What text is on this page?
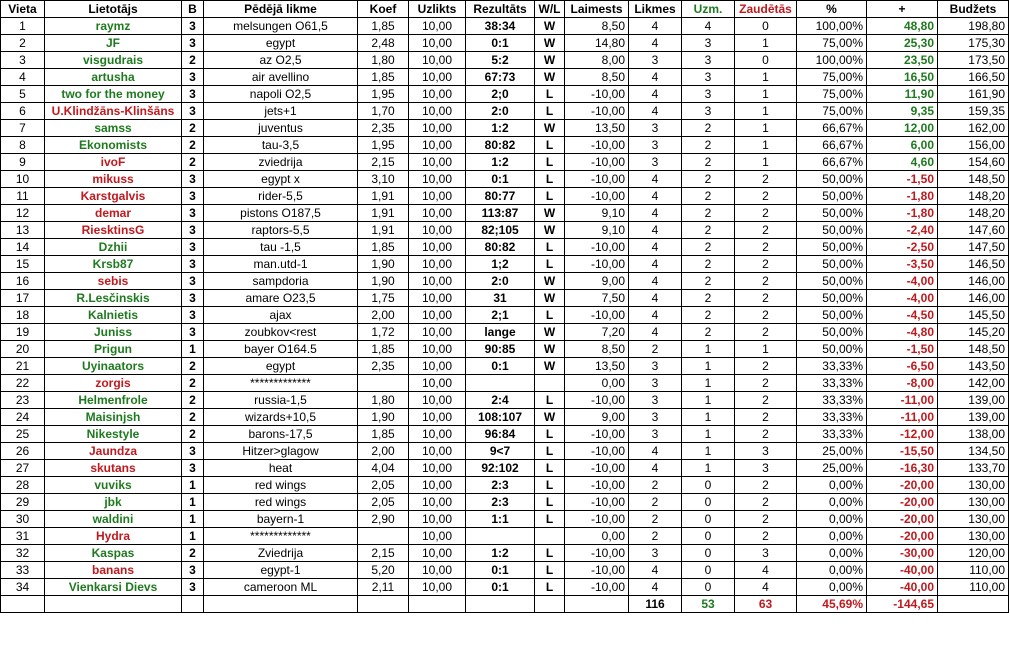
Vieta	Lietotājs	B	Pēdējā likme	Koef	Uzlikts	Rezultāts	W/L	Laimests	Likmes	Uzm.	Zaudētās	%	+	Budžets
1	raymz	3	melsungen O61,5	1,85	10,00	38:34	W	8,50	4	4	0	100,00%	48,80	198,80
2	JF	3	egypt	2,48	10,00	0:1	W	14,80	4	3	1	75,00%	25,30	175,30
3	visgudrais	2	az O2,5	1,80	10,00	5:2	W	8,00	3	3	0	100,00%	23,50	173,50
4	artusha	3	air avellino	1,85	10,00	67:73	W	8,50	4	3	1	75,00%	16,50	166,50
5	two for the money	3	napoli O2,5	1,95	10,00	2;0	L	-10,00	4	3	1	75,00%	11,90	161,90
6	U.Klindžāns-Klinšāns	3	jets+1	1,70	10,00	2:0	L	-10,00	4	3	1	75,00%	9,35	159,35
7	samss	2	juventus	2,35	10,00	1:2	W	13,50	3	2	1	66,67%	12,00	162,00
8	Ekonomists	2	tau-3,5	1,95	10,00	80:82	L	-10,00	3	2	1	66,67%	6,00	156,00
9	ivoF	2	zviedrija	2,15	10,00	1:2	L	-10,00	3	2	1	66,67%	4,60	154,60
10	mikuss	3	egypt x	3,10	10,00	0:1	L	-10,00	4	2	2	50,00%	-1,50	148,50
11	Karstgalvis	3	rider-5,5	1,91	10,00	80:77	L	-10,00	4	2	2	50,00%	-1,80	148,20
12	demar	3	pistons O187,5	1,91	10,00	113:87	W	9,10	4	2	2	50,00%	-1,80	148,20
13	RiesktinsG	3	raptors-5,5	1,91	10,00	82;105	W	9,10	4	2	2	50,00%	-2,40	147,60
14	Dzhii	3	tau -1,5	1,85	10,00	80:82	L	-10,00	4	2	2	50,00%	-2,50	147,50
15	Krsb87	3	man.utd-1	1,90	10,00	1;2	L	-10,00	4	2	2	50,00%	-3,50	146,50
16	sebis	3	sampdoria	1,90	10,00	2:0	W	9,00	4	2	2	50,00%	-4,00	146,00
17	R.Lesčinskis	3	amare O23,5	1,75	10,00	31	W	7,50	4	2	2	50,00%	-4,00	146,00
18	Kalnietis	3	ajax	2,00	10,00	2;1	L	-10,00	4	2	2	50,00%	-4,50	145,50
19	Juniss	3	zoubkov<rest	1,72	10,00	lange	W	7,20	4	2	2	50,00%	-4,80	145,20
20	Prigun	1	bayer O164.5	1,85	10,00	90:85	W	8,50	2	1	1	50,00%	-1,50	148,50
21	Uyinaators	2	egypt	2,35	10,00	0:1	W	13,50	3	1	2	33,33%	-6,50	143,50
22	zorgis	2	*************		10,00			0,00	3	1	2	33,33%	-8,00	142,00
23	Helmenfrole	2	russia-1,5	1,80	10,00	2:4	L	-10,00	3	1	2	33,33%	-11,00	139,00
24	Maisinjsh	2	wizards+10,5	1,90	10,00	108:107	W	9,00	3	1	2	33,33%	-11,00	139,00
25	Nikestyle	2	barons-17,5	1,85	10,00	96:84	L	-10,00	3	1	2	33,33%	-12,00	138,00
26	Jaundza	3	Hitzer>glagow	2,00	10,00	9<7	L	-10,00	4	1	3	25,00%	-15,50	134,50
27	skutans	3	heat	4,04	10,00	92:102	L	-10,00	4	1	3	25,00%	-16,30	133,70
28	vuviks	1	red wings	2,05	10,00	2:3	L	-10,00	2	0	2	0,00%	-20,00	130,00
29	jbk	1	red wings	2,05	10,00	2:3	L	-10,00	2	0	2	0,00%	-20,00	130,00
30	waldini	1	bayern-1	2,90	10,00	1:1	L	-10,00	2	0	2	0,00%	-20,00	130,00
31	Hydra	1	*************		10,00			0,00	2	0	2	0,00%	-20,00	130,00
32	Kaspas	2	Zviedrija	2,15	10,00	1:2	L	-10,00	3	0	3	0,00%	-30,00	120,00
33	banans	3	egypt-1	5,20	10,00	0:1	L	-10,00	4	0	4	0,00%	-40,00	110,00
34	Vienkarsi Dievs	3	cameroon ML	2,11	10,00	0:1	L	-10,00	4	0	4	0,00%	-40,00	110,00
									116	53	63	45,69%	-144,65	
